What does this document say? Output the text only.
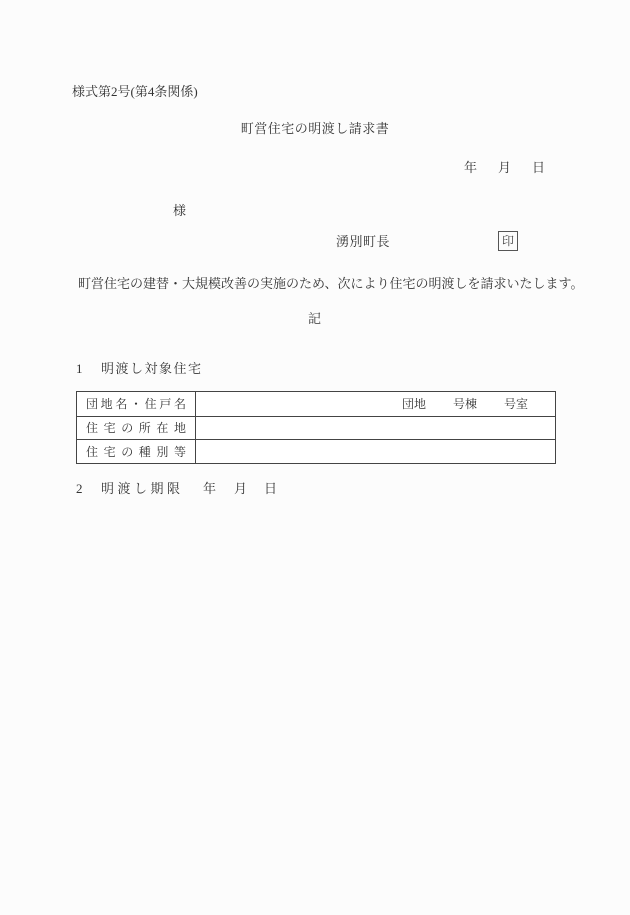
様式第2号(第4条関係)
町営住宅の明渡し請求書
年 月 日
様
湧別町長	印
町営住宅の建替・大規模改善の実施のため、次により住宅の明渡しを請求いたします。
記
1 明渡し対象住宅
団地名・住戸名	団地 号棟 号室
住宅の所在地
住宅の種別等
2 明渡し期限 年 月 日
